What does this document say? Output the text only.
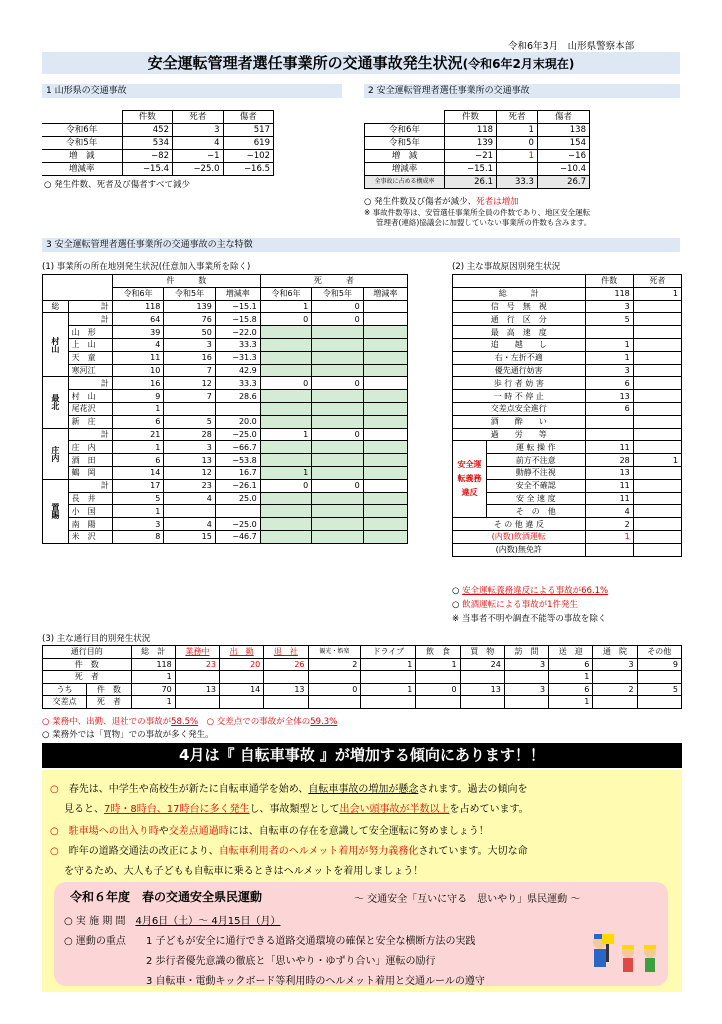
令和6年3月　山形県警察本部
安全運転管理者選任事業所の交通事故発生状況(令和6年2月末現在)
1 山形県の交通事故
	件数	死者	傷者
令和6年	452	3	517
令和5年	534	4	619
増　減	−82	−1	−102
増減率	−15.4	−25.0	−16.5
○ 発生件数、死者及び傷者すべて減少
2 安全運転管理者選任事業所の交通事故
	件数	死者	傷者
令和6年	118	1	138
令和5年	139	0	154
増　減	−21	1	−16
増減率	−15.1		−10.4
全事故に占める構成率	26.1	33.3	26.7
○ 発生件数及び傷者が減少、死者は増加
※ 事故件数等は、安管選任事業所全員の件数であり、地区安全運転
管理者(連絡)協議会に加盟していない事業所の件数も含みます。
3 安全運転管理者選任事業所の交通事故の主な特徴
(1) 事業所の所在地別発生状況(任意加入事業所を除く)
		件　　　数			死　　　者		
		令和6年	令和5年	増減率	令和6年	令和5年	増減率
総	計	118	139	−15.1	1	0	
村山	計	64	76	−15.8	0	0	
	山　形	39	50	−22.0			
	上　山	4	3	33.3			
	天　童	11	16	−31.3			
	寒河江	10	7	42.9			
最北	計	16	12	33.3	0	0	
	村　山	9	7	28.6			
	尾花沢	1					
	新　庄	6	5	20.0			
庄内	計	21	28	−25.0	1	0	
	庄　内	1	3	−66.7			
	酒　田	6	13	−53.8			
	鶴　岡	14	12	16.7	1		
置賜	計	17	23	−26.1	0	0	
	長　井	5	4	25.0			
	小　国	1					
	南　陽	3	4	−25.0			
	米　沢	8	15	−46.7			
(2) 主な事故原因別発生状況
		件数	死者
総　　　計		118	1
信　号　無　視		3	
通　行　区　分		5	
最　高　速　度			
追　　越　　し		1	
右・左折不適		1	
優先通行妨害		3	
歩 行 者 妨 害		6	
一 時 不 停 止		13	
交差点安全進行		6	
酒　　酔　　い			
過　　労　　等			
安全運転義務違反	運 転 操 作	11	
	前方不注意	28	1
	動静不注視	13	
	安全不確認	11	
	安 全 速 度	11	
	そ　の　他	4	
そ の 他 違 反		2	
(内数)飲酒運転		1	
(内数)無免許			
○ 安全運転義務違反による事故が66.1%
○ 飲酒運転による事故が1件発生
※ 当事者不明や調査不能等の事故を除く
(3) 主な通行目的別発生状況
通行目的		総　計	業務中	出　勤	退　社	観光・娯楽	ドライブ	飲　食	買　物	訪　問	送　迎	通　院	その他
件　数		118	23	20	26	2	1	1	24	3	6	3	9
死　者		1									1		
うち	件　数	70	13	14	13	0	1	0	13	3	6	2	5
交差点	死　者	1									1		
○ 業務中、出勤、退社での事故が58.5%　○ 交差点での事故が全体の59.3%
○ 業務外では「買物」での事故が多く発生。
4月は『 自転車事故 』が増加する傾向にあります！！
○　春先は、中学生や高校生が新たに自転車通学を始め、自転車事故の増加が懸念されます。過去の傾向を
見ると、7時・8時台、17時台に多く発生し、事故類型として出会い頭事故が半数以上を占めています。
○　駐車場への出入り時や交差点通過時には、自転車の存在を意識して安全運転に努めましょう！
○　昨年の道路交通法の改正により、自転車利用者のヘルメット着用が努力義務化されています。大切な命
を守るため、大人も子どもも自転車に乗るときはヘルメットを着用しましょう！
令和６年度　春の交通安全県民運動	〜 交通安全「互いに守る　思いやり」県民運動 〜
○ 実 施 期 間　 4月6日（土）〜 4月15日（月）
○ 運動の重点 1 子どもが安全に通行できる道路交通環境の確保と安全な横断方法の実践
2 歩行者優先意識の徹底と「思いやり・ゆずり合い」運転の励行
3 自転車・電動キックボード等利用時のヘルメット着用と交通ルールの遵守
